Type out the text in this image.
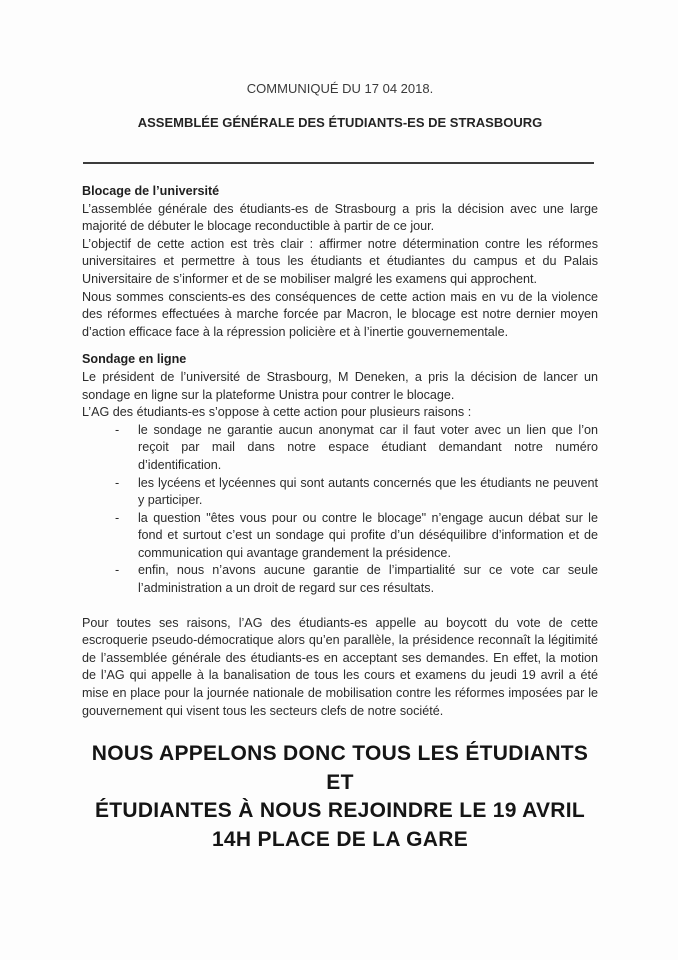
COMMUNIQUÉ DU 17 04 2018.
ASSEMBLÉE GÉNÉRALE DES ÉTUDIANTS-ES DE STRASBOURG
Blocage de l’université

L’assemblée générale des étudiants-es de Strasbourg a pris la décision avec une large majorité de débuter le blocage reconductible à partir de ce jour.

L’objectif de cette action est très clair : affirmer notre détermination contre les réformes universitaires et permettre à tous les étudiants et étudiantes du campus et du Palais Universitaire de s’informer et de se mobiliser malgré les examens qui approchent.

Nous sommes conscients-es des conséquences de cette action mais en vu de la violence des réformes effectuées à marche forcée par Macron, le blocage est notre dernier moyen d’action efficace face à la répression policière et à l’inertie gouvernementale.

Sondage en ligne

Le président de l’université de Strasbourg, M Deneken, a pris la décision de lancer un sondage en ligne sur la plateforme Unistra pour contrer le blocage.

L’AG des étudiants-es s’oppose à cette action pour plusieurs raisons :

-	le sondage ne garantie aucun anonymat car il faut voter avec un lien que l’on reçoit par mail dans notre espace étudiant demandant notre numéro d’identification.

-	les lycéens et lycéennes qui sont autants concernés que les étudiants ne peuvent y participer.

-	la question "êtes vous pour ou contre le blocage" n’engage aucun débat sur le fond et surtout c’est un sondage qui profite d’un déséquilibre d’information et de communication qui avantage grandement la présidence.

-	enfin, nous n’avons aucune garantie de l’impartialité sur ce vote car seule l’administration a un droit de regard sur ces résultats.

Pour toutes ses raisons, l’AG des étudiants-es appelle au boycott du vote de cette escroquerie pseudo-démocratique alors qu’en parallèle, la présidence reconnaît la légitimité de l’assemblée générale des étudiants-es en acceptant ses demandes. En effet, la motion de l’AG qui appelle à la banalisation de tous les cours et examens du jeudi 19 avril a été mise en place pour la journée nationale de mobilisation contre les réformes imposées par le gouvernement qui visent tous les secteurs clefs de notre société.

NOUS APPELONS DONC TOUS LES ÉTUDIANTS ET
ÉTUDIANTES À NOUS REJOINDRE LE 19 AVRIL
14H PLACE DE LA GARE
